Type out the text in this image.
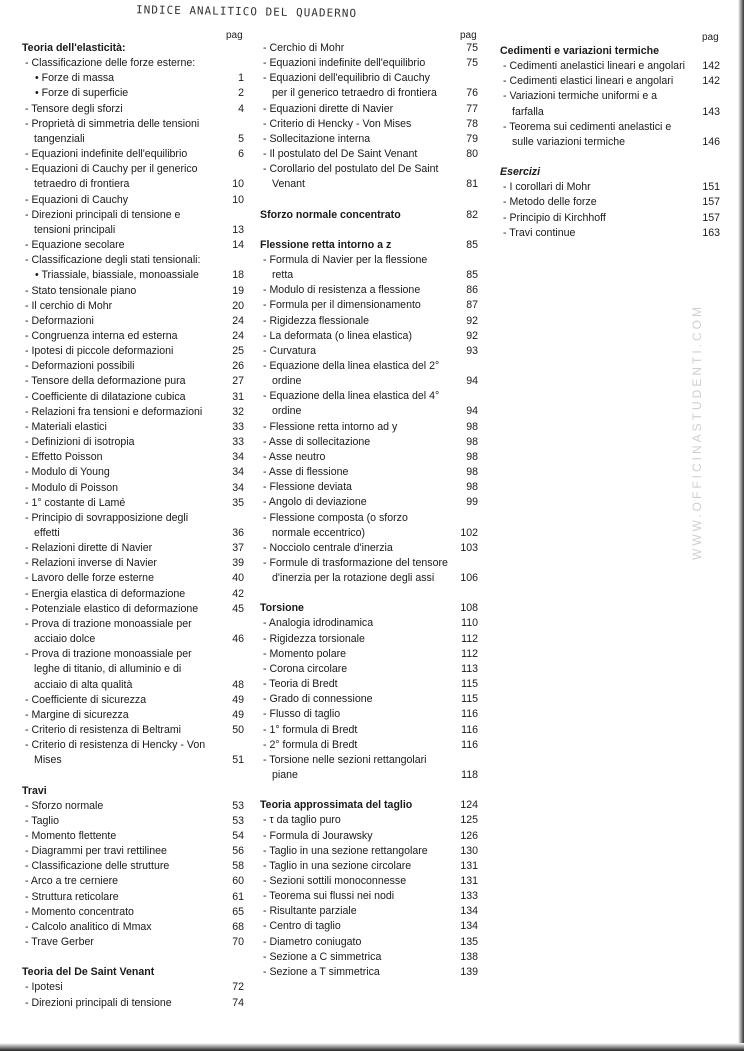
INDICE ANALITICO DEL QUADERNO
pag	pag	pag
Teoria dell'elasticità:
- Classificazione delle forze esterne:
• Forze di massa	1
• Forze di superficie	2
- Tensore degli sforzi	4
- Proprietà di simmetria delle tensioni tangenziali	5
- Equazioni indefinite dell'equilibrio	6
- Equazioni di Cauchy per il generico tetraedro di frontiera	10
- Equazioni di Cauchy	10
- Direzioni principali di tensione e tensioni principali	13
- Equazione secolare	14
- Classificazione degli stati tensionali:
• Triassiale, biassiale, monoassiale	18
- Stato tensionale piano	19
- Il cerchio di Mohr	20
- Deformazioni	24
- Congruenza interna ed esterna	24
- Ipotesi di piccole deformazioni	25
- Deformazioni possibili	26
- Tensore della deformazione pura	27
- Coefficiente di dilatazione cubica	31
- Relazioni fra tensioni e deformazioni	32
- Materiali elastici	33
- Definizioni di isotropia	33
- Effetto Poisson	34
- Modulo di Young	34
- Modulo di Poisson	34
- 1° costante di Lamé	35
- Principio di sovrapposizione degli effetti	36
- Relazioni dirette di Navier	37
- Relazioni inverse di Navier	39
- Lavoro delle forze esterne	40
- Energia elastica di deformazione	42
- Potenziale elastico di deformazione	45
- Prova di trazione monoassiale per acciaio dolce	46
- Prova di trazione monoassiale per leghe di titanio, di alluminio e di acciaio di alta qualità	48
- Coefficiente di sicurezza	49
- Margine di sicurezza	49
- Criterio di resistenza di Beltrami	50
- Criterio di resistenza di Hencky - Von Mises	51
Travi
- Sforzo normale	53
- Taglio	53
- Momento flettente	54
- Diagrammi per travi rettilinee	56
- Classificazione delle strutture	58
- Arco a tre cerniere	60
- Struttura reticolare	61
- Momento concentrato	65
- Calcolo analitico di Mmax	68
- Trave Gerber	70
Teoria del De Saint Venant
- Ipotesi	72
- Direzioni principali di tensione	74
- Cerchio di Mohr	75
- Equazioni indefinite dell'equilibrio	75
- Equazioni dell'equilibrio di Cauchy per il generico tetraedro di frontiera	76
- Equazioni dirette di Navier	77
- Criterio di Hencky - Von Mises	78
- Sollecitazione interna	79
- Il postulato del De Saint Venant	80
- Corollario del postulato del De Saint Venant	81
Sforzo normale concentrato	82
Flessione retta intorno a z	85
- Formula di Navier per la flessione retta	85
- Modulo di resistenza a flessione	86
- Formula per il dimensionamento	87
- Rigidezza flessionale	92
- La deformata (o linea elastica)	92
- Curvatura	93
- Equazione della linea elastica del 2° ordine	94
- Equazione della linea elastica del 4° ordine	94
- Flessione retta intorno ad y	98
- Asse di sollecitazione	98
- Asse neutro	98
- Asse di flessione	98
- Flessione deviata	98
- Angolo di deviazione	99
- Flessione composta (o sforzo normale eccentrico)	102
- Nocciolo centrale d'inerzia	103
- Formule di trasformazione del tensore d'inerzia per la rotazione degli assi	106
Torsione	108
- Analogia idrodinamica	110
- Rigidezza torsionale	112
- Momento polare	112
- Corona circolare	113
- Teoria di Bredt	115
- Grado di connessione	115
- Flusso di taglio	116
- 1° formula di Bredt	116
- 2° formula di Bredt	116
- Torsione nelle sezioni rettangolari piane	118
Teoria approssimata del taglio	124
- τ da taglio puro	125
- Formula di Jourawsky	126
- Taglio in una sezione rettangolare	130
- Taglio in una sezione circolare	131
- Sezioni sottili monoconnesse	131
- Teorema sui flussi nei nodi	133
- Risultante parziale	134
- Centro di taglio	134
- Diametro coniugato	135
- Sezione a C simmetrica	138
- Sezione a T simmetrica	139
Cedimenti e variazioni termiche
- Cedimenti anelastici lineari e angolari	142
- Cedimenti elastici lineari e angolari	142
- Variazioni termiche uniformi e a farfalla	143
- Teorema sui cedimenti anelastici e sulle variazioni termiche	146
Esercizi
- I corollari di Mohr	151
- Metodo delle forze	157
- Principio di Kirchhoff	157
- Travi continue	163
WWW.OFFICINASTUDENTI.COM
